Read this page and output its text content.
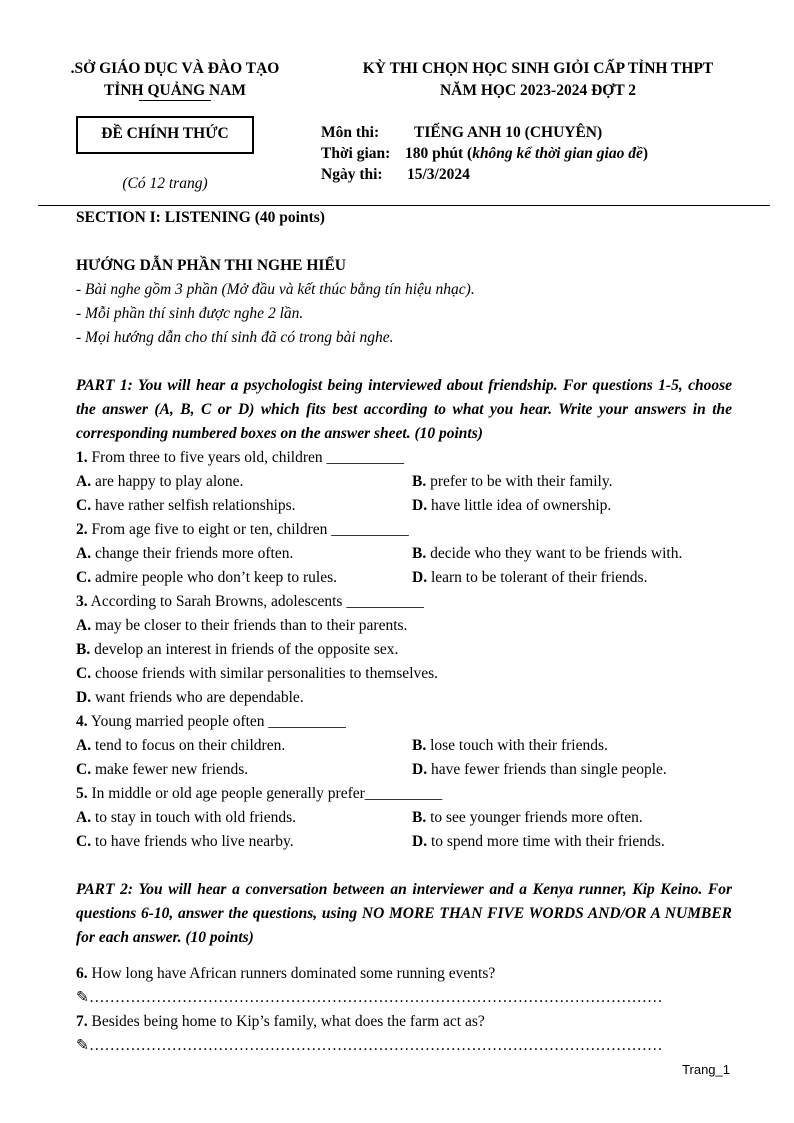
.SỞ GIÁO DỤC VÀ ĐÀO TẠO
TỈNH QUẢNG NAM
KỲ THI CHỌN HỌC SINH GIỎI CẤP TỈNH THPT
NĂM HỌC 2023-2024 ĐỢT 2
ĐỀ CHÍNH THỨC
(Có 12 trang)
Môn thi: TIẾNG ANH 10 (CHUYÊN)
Thời gian: 180 phút (không kể thời gian giao đề)
Ngày thi: 15/3/2024

SECTION I: LISTENING (40 points)

HƯỚNG DẪN PHẦN THI NGHE HIỂU

- Bài nghe gồm 3 phần (Mở đầu và kết thúc bằng tín hiệu nhạc).

- Mỗi phần thí sinh được nghe 2 lần.

- Mọi hướng dẫn cho thí sinh đã có trong bài nghe.

PART 1: You will hear a psychologist being interviewed about friendship. For questions 1-5, choose the answer (A, B, C or D) which fits best according to what you hear. Write your answers in the corresponding numbered boxes on the answer sheet. (10 points)

1. From three to five years old, children __________

A. are happy to play alone.	B. prefer to be with their family.
C. have rather selfish relationships.	D. have little idea of ownership.

2. From age five to eight or ten, children __________

A. change their friends more often.	B. decide who they want to be friends with.
C. admire people who don’t keep to rules.	D. learn to be tolerant of their friends.

3. According to Sarah Browns, adolescents __________

A. may be closer to their friends than to their parents.

B. develop an interest in friends of the opposite sex.

C. choose friends with similar personalities to themselves.

D. want friends who are dependable.

4. Young married people often __________

A. tend to focus on their children.	B. lose touch with their friends.
C. make fewer new friends.	D. have fewer friends than single people.

5. In middle or old age people generally prefer__________

A. to stay in touch with old friends.	B. to see younger friends more often.
C. to have friends who live nearby.	D. to spend more time with their friends.

PART 2: You will hear a conversation between an interviewer and a Kenya runner, Kip Keino. For questions 6-10, answer the questions, using NO MORE THAN FIVE WORDS AND/OR A NUMBER for each answer. (10 points)

6. How long have African runners dominated some running events?

✎…………………………………………………………………………………………………

7. Besides being home to Kip’s family, what does the farm act as?

✎…………………………………………………………………………………………………

Trang_1
